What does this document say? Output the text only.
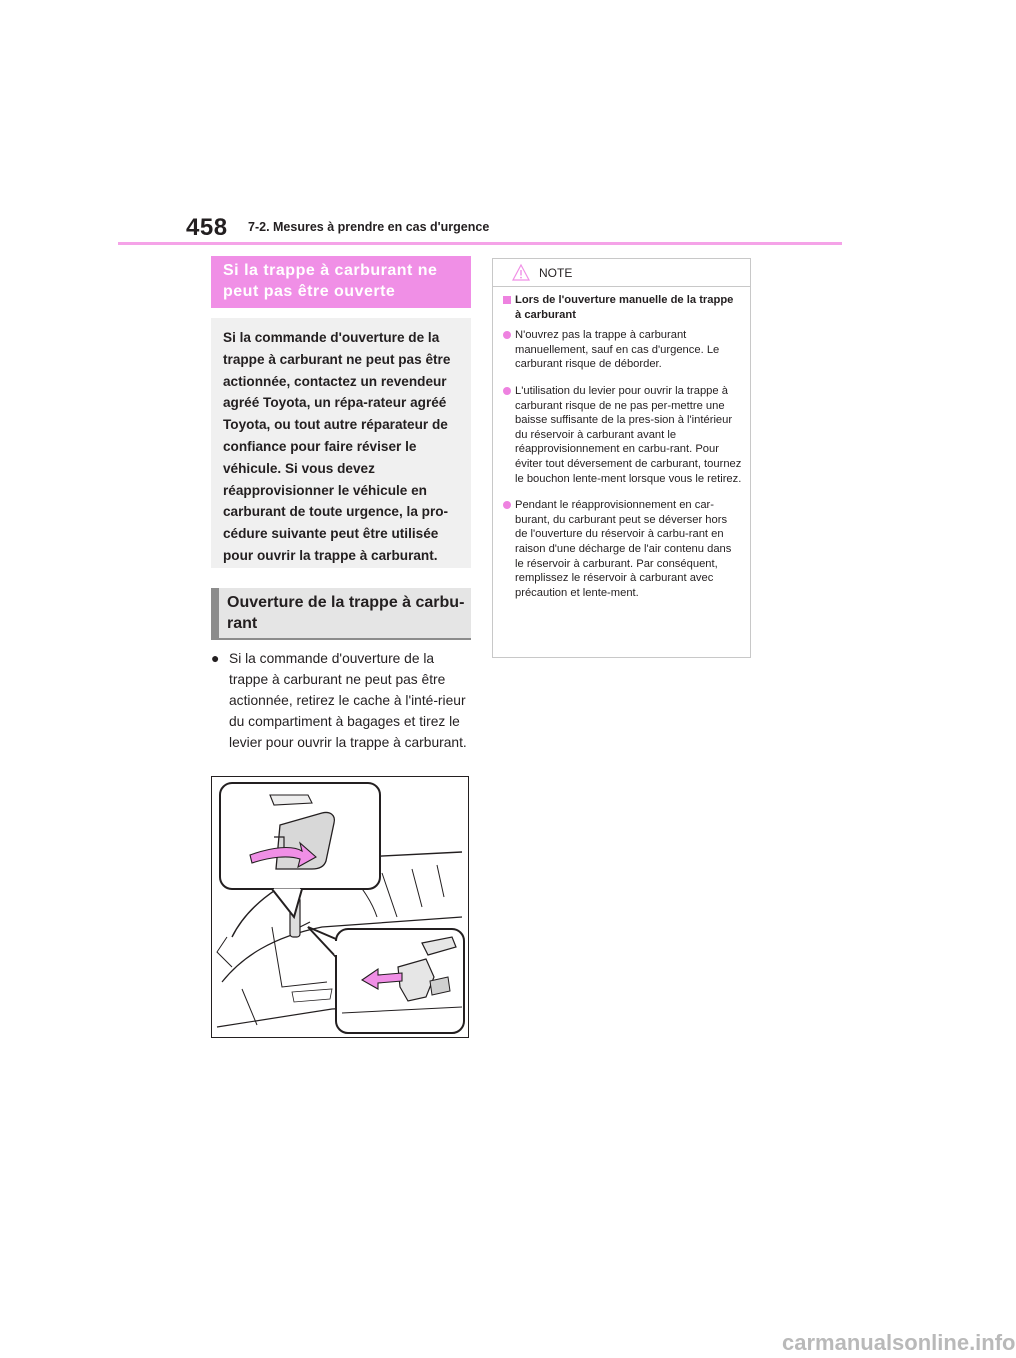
458 7-2. Mesures à prendre en cas d'urgence
Si la trappe à carburant ne peut pas être ouverte
Si la commande d'ouverture de la trappe à carburant ne peut pas être actionnée, contactez un revendeur agréé Toyota, un répa-rateur agréé Toyota, ou tout autre réparateur de confiance pour faire réviser le véhicule. Si vous devez réapprovisionner le véhicule en carburant de toute urgence, la pro-cédure suivante peut être utilisée pour ouvrir la trappe à carburant.
Ouverture de la trappe à carbu-rant
● Si la commande d'ouverture de la trappe à carburant ne peut pas être actionnée, retirez le cache à l'inté-rieur du compartiment à bagages et tirez le levier pour ouvrir la trappe à carburant.
NOTE
Lors de l'ouverture manuelle de la trappe à carburant
N'ouvrez pas la trappe à carburant manuellement, sauf en cas d'urgence. Le carburant risque de déborder.
L'utilisation du levier pour ouvrir la trappe à carburant risque de ne pas per-mettre une baisse suffisante de la pres-sion à l'intérieur du réservoir à carburant avant le réapprovisionnement en carbu-rant. Pour éviter tout déversement de carburant, tournez le bouchon lente-ment lorsque vous le retirez.
Pendant le réapprovisionnement en car-burant, du carburant peut se déverser hors de l'ouverture du réservoir à carbu-rant en raison d'une décharge de l'air contenu dans le réservoir à carburant. Par conséquent, remplissez le réservoir à carburant avec précaution et lente-ment.
carmanualsonline.info
